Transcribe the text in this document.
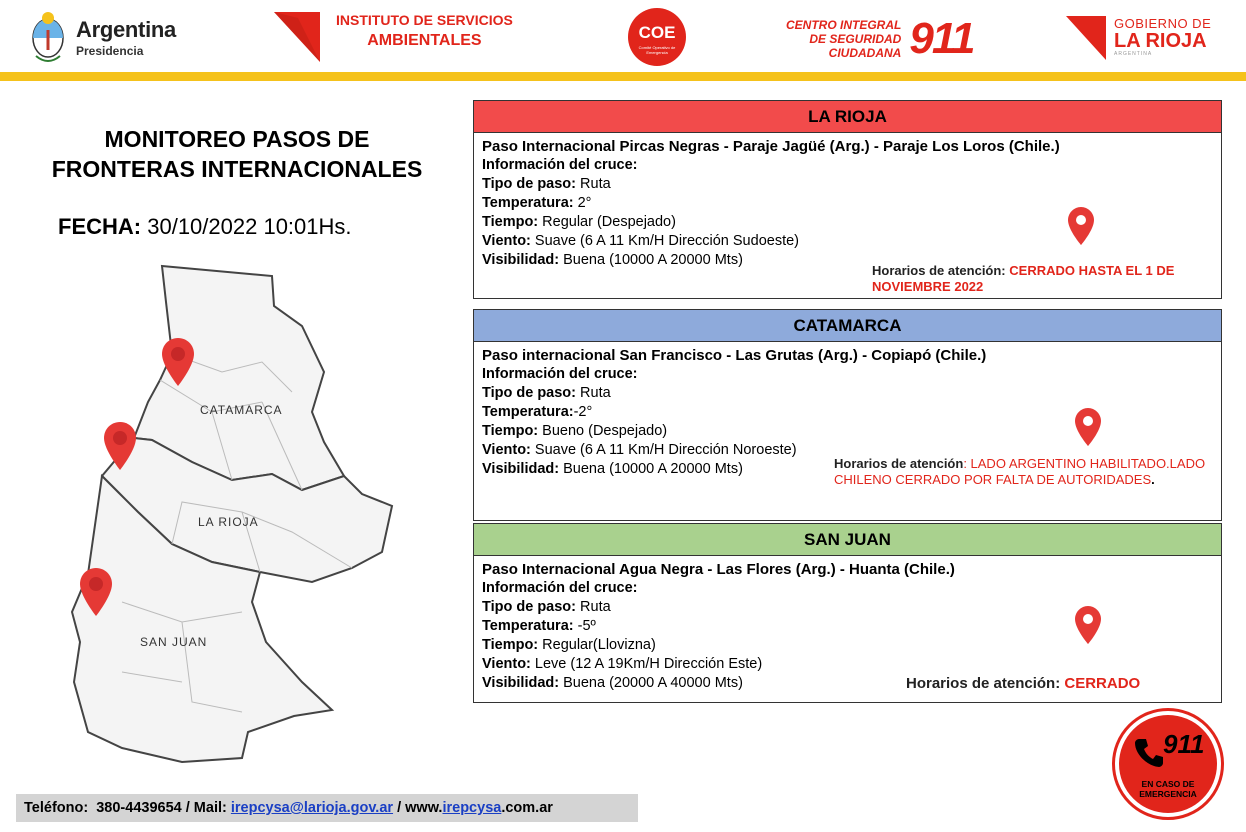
Argentina
Presidencia
INSTITUTO DE SERVICIOS
AMBIENTALES	COE
Comité Operativo de Emergencia
CENTRO INTEGRAL
DE SEGURIDAD
CIUDADANA 911	GOBIERNO DE
LA RIOJA
ARGENTINA
MONITOREO PASOS DE
FRONTERAS INTERNACIONALES
FECHA: 30/10/2022 10:01Hs.
CATAMARCA
LA RIOJA
SAN JUAN
LA RIOJA
Paso Internacional Pircas Negras - Paraje Jagüé (Arg.) - Paraje Los Loros (Chile.)
Información del cruce:
Tipo de paso: Ruta
Temperatura: 2°
Tiempo: Regular (Despejado)
Viento: Suave (6 A 11 Km/H Dirección Sudoeste)
Visibilidad: Buena (10000 A 20000 Mts)
Horarios de atención: CERRADO HASTA EL 1 DE NOVIEMBRE 2022
CATAMARCA
Paso internacional San Francisco - Las Grutas (Arg.) - Copiapó (Chile.)
Información del cruce:
Tipo de paso: Ruta
Temperatura:-2°
Tiempo: Bueno (Despejado)
Viento: Suave (6 A 11 Km/H Dirección Noroeste)
Visibilidad: Buena (10000 A 20000 Mts)	Horarios de atención: LADO ARGENTINO HABILITADO.LADO CHILENO CERRADO POR FALTA DE AUTORIDADES.
SAN JUAN
Paso Internacional Agua Negra - Las Flores (Arg.) - Huanta (Chile.)
Información del cruce:
Tipo de paso: Ruta
Temperatura: -5º
Tiempo: Regular(Llovizna)
Viento: Leve (12 A 19Km/H Dirección Este)
Visibilidad: Buena (20000 A 40000 Mts)	Horarios de atención: CERRADO
Teléfono: 380-4439654 / Mail: irepcysa@larioja.gov.ar / www.irepcysa.com.ar
911
EN CASO DE
EMERGENCIA
